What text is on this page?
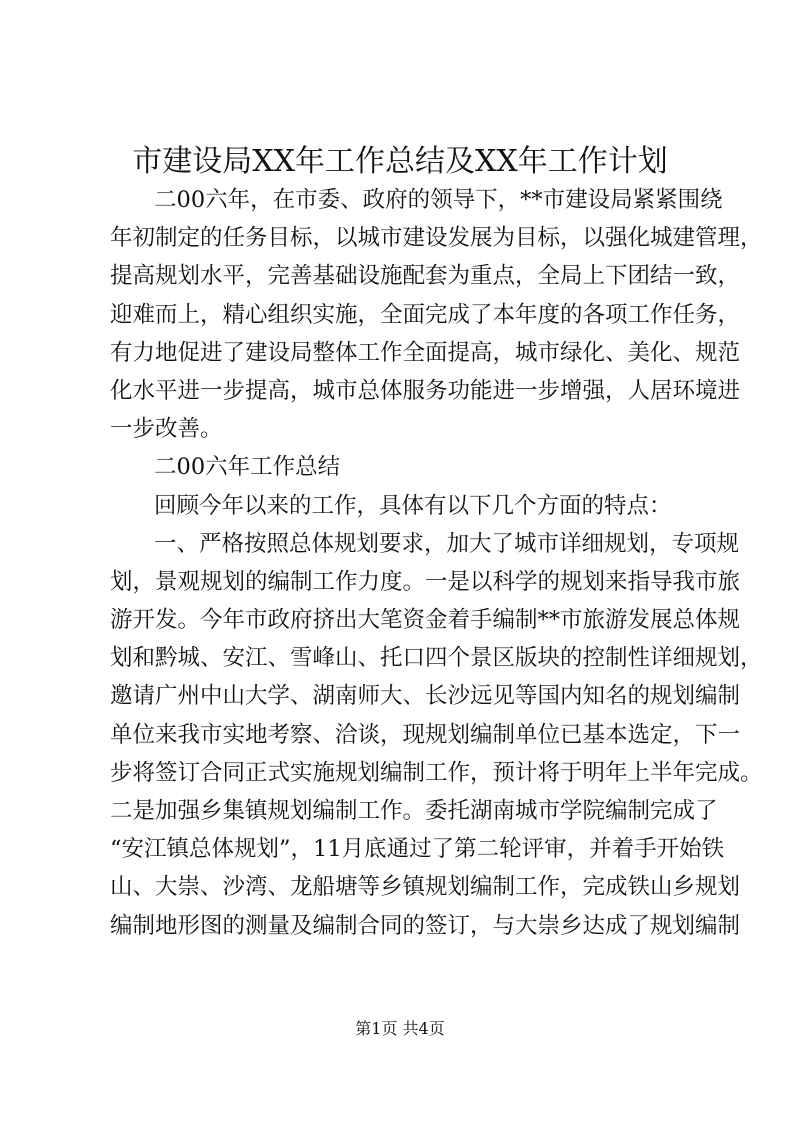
市建设局XX年工作总结及XX年工作计划
二00六年，在市委、政府的领导下，**市建设局紧紧围绕
年初制定的任务目标，以城市建设发展为目标，以强化城建管理，
提高规划水平，完善基础设施配套为重点，全局上下团结一致，
迎难而上，精心组织实施，全面完成了本年度的各项工作任务，
有力地促进了建设局整体工作全面提高，城市绿化、美化、规范
化水平进一步提高，城市总体服务功能进一步增强，人居环境进
一步改善。
二00六年工作总结
回顾今年以来的工作，具体有以下几个方面的特点：
一、严格按照总体规划要求，加大了城市详细规划，专项规
划，景观规划的编制工作力度。一是以科学的规划来指导我市旅
游开发。今年市政府挤出大笔资金着手编制**市旅游发展总体规
划和黔城、安江、雪峰山、托口四个景区版块的控制性详细规划，
邀请广州中山大学、湖南师大、长沙远见等国内知名的规划编制
单位来我市实地考察、洽谈，现规划编制单位已基本选定，下一
步将签订合同正式实施规划编制工作，预计将于明年上半年完成。
二是加强乡集镇规划编制工作。委托湖南城市学院编制完成了
“安江镇总体规划”，11月底通过了第二轮评审，并着手开始铁
山、大崇、沙湾、龙船塘等乡镇规划编制工作，完成铁山乡规划
编制地形图的测量及编制合同的签订，与大崇乡达成了规划编制
第1页 共4页
